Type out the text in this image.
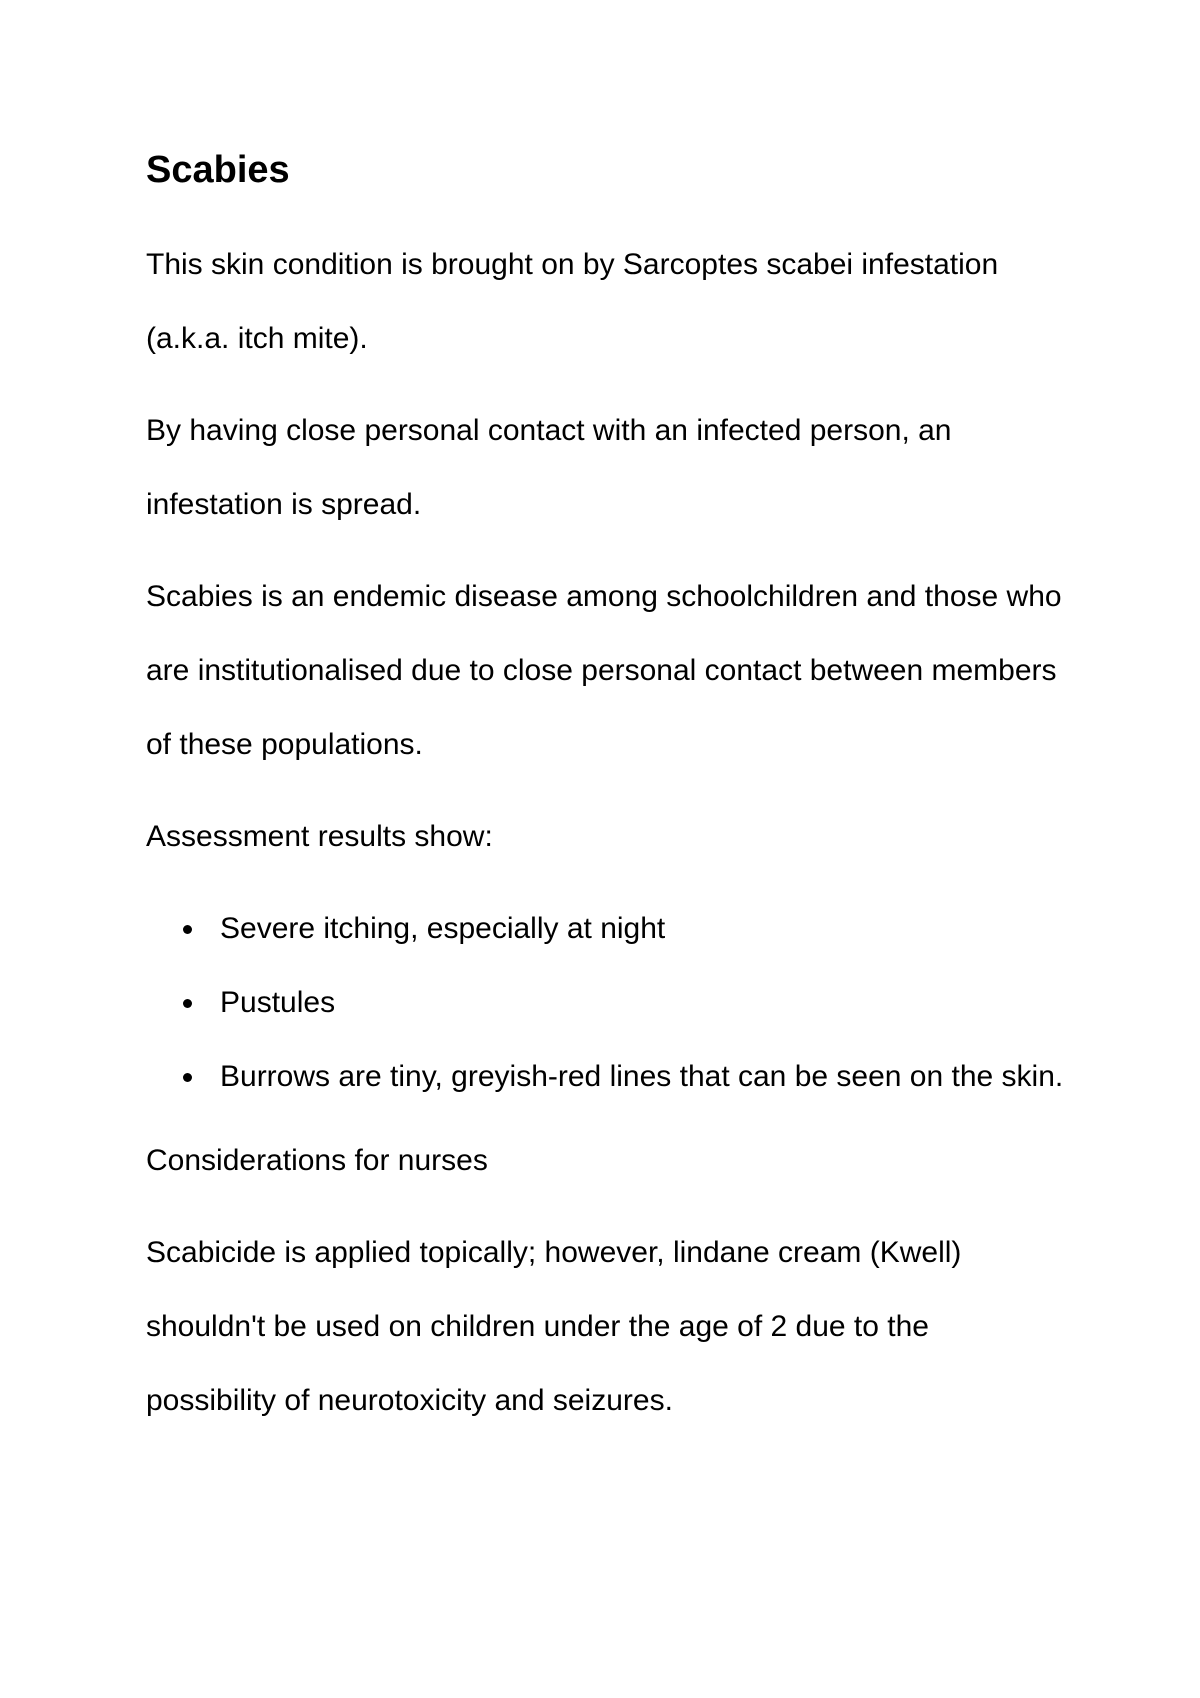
Scabies

This skin condition is brought on by Sarcoptes scabei infestation (a.k.a. itch mite).

By having close personal contact with an infected person, an infestation is spread.

Scabies is an endemic disease among schoolchildren and those who are institutionalised due to close personal contact between members of these populations.

Assessment results show:

Severe itching, especially at night
Pustules
Burrows are tiny, greyish-red lines that can be seen on the skin.

Considerations for nurses

Scabicide is applied topically; however, lindane cream (Kwell) shouldn't be used on children under the age of 2 due to the possibility of neurotoxicity and seizures.
